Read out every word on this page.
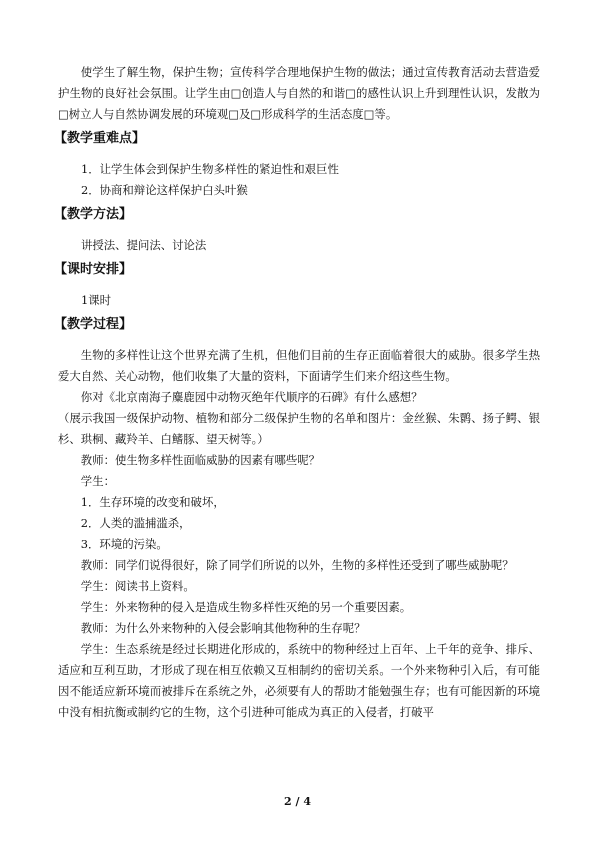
使学生了解生物，保护生物；宣传科学合理地保护生物的做法；通过宣传教育活动去营造爱护生物的良好社会氛围。让学生由□创造人与自然的和谐□的感性认识上升到理性认识，发散为□树立人与自然协调发展的环境观□及□形成科学的生活态度□等。

【教学重难点】

1．让学生体会到保护生物多样性的紧迫性和艰巨性

2．协商和辩论这样保护白头叶猴

【教学方法】

讲授法、提问法、讨论法

【课时安排】

1课时

【教学过程】

生物的多样性让这个世界充满了生机，但他们目前的生存正面临着很大的威胁。很多学生热爱大自然、关心动物，他们收集了大量的资料，下面请学生们来介绍这些生物。

你对《北京南海子麋鹿园中动物灭绝年代顺序的石碑》有什么感想？

（展示我国一级保护动物、植物和部分二级保护生物的名单和图片：金丝猴、朱鹮、扬子鳄、银杉、珙桐、藏羚羊、白鳍豚、望天树等。）

教师：使生物多样性面临威胁的因素有哪些呢？

学生：

1．生存环境的改变和破坏，

2．人类的滥捕滥杀，

3．环境的污染。

教师：同学们说得很好，除了同学们所说的以外，生物的多样性还受到了哪些威胁呢？

学生：阅读书上资料。

学生：外来物种的侵入是造成生物多样性灭绝的另一个重要因素。

教师：为什么外来物种的入侵会影响其他物种的生存呢？

学生：生态系统是经过长期进化形成的，系统中的物种经过上百年、上千年的竞争、排斥、适应和互利互助，才形成了现在相互依赖又互相制约的密切关系。一个外来物种引入后，有可能因不能适应新环境而被排斥在系统之外，必须要有人的帮助才能勉强生存；也有可能因新的环境中没有相抗衡或制约它的生物，这个引进种可能成为真正的入侵者，打破平

2 / 4
